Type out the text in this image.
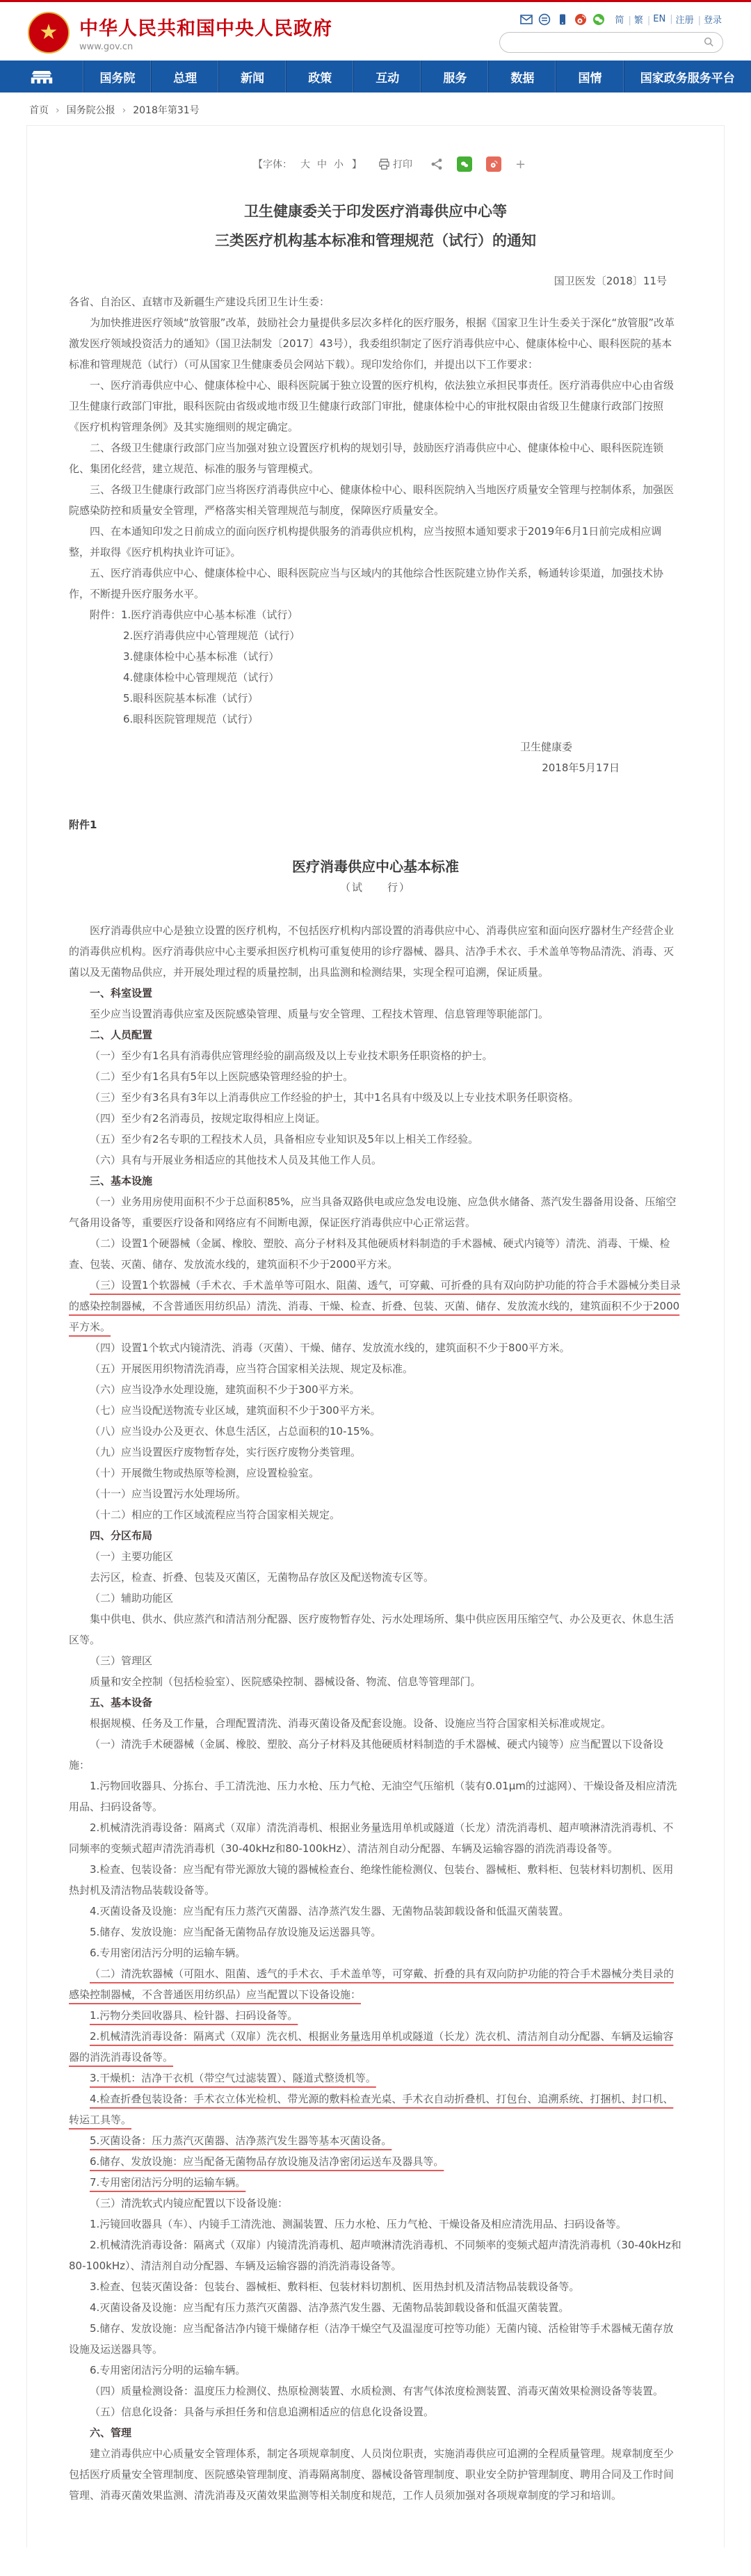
★	中华人民共和国中央人民政府
www.gov.cn
简 |	繁 |	EN |	注册 |	登录
国务院	总理	新闻	政策	互动	服务	数据	国情	国家政务服务平台
首页 › 国务院公报 › 2018年第31号
【字体： 大 中 小 】	打印	+
卫生健康委关于印发医疗消毒供应中心等
三类医疗机构基本标准和管理规范（试行）的通知

国卫医发〔2018〕11号

各省、自治区、直辖市及新疆生产建设兵团卫生计生委：

为加快推进医疗领域“放管服”改革，鼓励社会力量提供多层次多样化的医疗服务，根据《国家卫生计生委关于深化“放管服”改革激发医疗领域投资活力的通知》（国卫法制发〔2017〕43号），我委组织制定了医疗消毒供应中心、健康体检中心、眼科医院的基本标准和管理规范（试行）（可从国家卫生健康委员会网站下载）。现印发给你们，并提出以下工作要求：

一、医疗消毒供应中心、健康体检中心、眼科医院属于独立设置的医疗机构，依法独立承担民事责任。医疗消毒供应中心由省级卫生健康行政部门审批，眼科医院由省级或地市级卫生健康行政部门审批，健康体检中心的审批权限由省级卫生健康行政部门按照《医疗机构管理条例》及其实施细则的规定确定。

二、各级卫生健康行政部门应当加强对独立设置医疗机构的规划引导，鼓励医疗消毒供应中心、健康体检中心、眼科医院连锁化、集团化经营，建立规范、标准的服务与管理模式。

三、各级卫生健康行政部门应当将医疗消毒供应中心、健康体检中心、眼科医院纳入当地医疗质量安全管理与控制体系，加强医院感染防控和质量安全管理，严格落实相关管理规范与制度，保障医疗质量安全。

四、在本通知印发之日前成立的面向医疗机构提供服务的消毒供应机构，应当按照本通知要求于2019年6月1日前完成相应调整，并取得《医疗机构执业许可证》。

五、医疗消毒供应中心、健康体检中心、眼科医院应当与区域内的其他综合性医院建立协作关系，畅通转诊渠道，加强技术协作，不断提升医疗服务水平。

附件：1.医疗消毒供应中心基本标准（试行）

2.医疗消毒供应中心管理规范（试行）

3.健康体检中心基本标准（试行）

4.健康体检中心管理规范（试行）

5.眼科医院基本标准（试行）

6.眼科医院管理规范（试行）

卫生健康委

2018年5月17日

附件1

医疗消毒供应中心基本标准

（试　　行）

医疗消毒供应中心是独立设置的医疗机构，不包括医疗机构内部设置的消毒供应中心、消毒供应室和面向医疗器材生产经营企业的消毒供应机构。医疗消毒供应中心主要承担医疗机构可重复使用的诊疗器械、器具、洁净手术衣、手术盖单等物品清洗、消毒、灭菌以及无菌物品供应，并开展处理过程的质量控制，出具监测和检测结果，实现全程可追溯，保证质量。

一、科室设置

至少应当设置消毒供应室及医院感染管理、质量与安全管理、工程技术管理、信息管理等职能部门。

二、人员配置

（一）至少有1名具有消毒供应管理经验的副高级及以上专业技术职务任职资格的护士。

（二）至少有1名具有5年以上医院感染管理经验的护士。

（三）至少有3名具有3年以上消毒供应工作经验的护士，其中1名具有中级及以上专业技术职务任职资格。

（四）至少有2名消毒员，按规定取得相应上岗证。

（五）至少有2名专职的工程技术人员，具备相应专业知识及5年以上相关工作经验。

（六）具有与开展业务相适应的其他技术人员及其他工作人员。

三、基本设施

（一）业务用房使用面积不少于总面积85%，应当具备双路供电或应急发电设施、应急供水储备、蒸汽发生器备用设备、压缩空气备用设备等，重要医疗设备和网络应有不间断电源，保证医疗消毒供应中心正常运营。

（二）设置1个硬器械（金属、橡胶、塑胶、高分子材料及其他硬质材料制造的手术器械、硬式内镜等）清洗、消毒、干燥、检查、包装、灭菌、储存、发放流水线的，建筑面积不少于2000平方米。

（三）设置1个软器械（手术衣、手术盖单等可阻水、阻菌、透气，可穿戴、可折叠的具有双向防护功能的符合手术器械分类目录的感染控制器械，不含普通医用纺织品）清洗、消毒、干燥、检查、折叠、包装、灭菌、储存、发放流水线的，建筑面积不少于2000平方米。

（四）设置1个软式内镜清洗、消毒（灭菌）、干燥、储存、发放流水线的，建筑面积不少于800平方米。

（五）开展医用织物清洗消毒，应当符合国家相关法规、规定及标准。

（六）应当设净水处理设施，建筑面积不少于300平方米。

（七）应当设配送物流专业区域，建筑面积不少于300平方米。

（八）应当设办公及更衣、休息生活区，占总面积的10-15%。

（九）应当设置医疗废物暂存处，实行医疗废物分类管理。

（十）开展微生物或热原等检测，应设置检验室。

（十一）应当设置污水处理场所。

（十二）相应的工作区域流程应当符合国家相关规定。

四、分区布局

（一）主要功能区

去污区，检查、折叠、包装及灭菌区，无菌物品存放区及配送物流专区等。

（二）辅助功能区

集中供电、供水、供应蒸汽和清洁剂分配器、医疗废物暂存处、污水处理场所、集中供应医用压缩空气、办公及更衣、休息生活区等。

（三）管理区

质量和安全控制（包括检验室）、医院感染控制、器械设备、物流、信息等管理部门。

五、基本设备

根据规模、任务及工作量，合理配置清洗、消毒灭菌设备及配套设施。设备、设施应当符合国家相关标准或规定。

（一）清洗手术硬器械（金属、橡胶、塑胶、高分子材料及其他硬质材料制造的手术器械、硬式内镜等）应当配置以下设备设施：

1.污物回收器具、分拣台、手工清洗池、压力水枪、压力气枪、无油空气压缩机（装有0.01μm的过滤网）、干燥设备及相应清洗用品、扫码设备等。

2.机械清洗消毒设备：隔离式（双扉）清洗消毒机、根据业务量选用单机或隧道（长龙）清洗消毒机、超声喷淋清洗消毒机、不同频率的变频式超声清洗消毒机（30-40kHz和80-100kHz）、清洁剂自动分配器、车辆及运输容器的消洗消毒设备等。

3.检查、包装设备：应当配有带光源放大镜的器械检查台、绝缘性能检测仪、包装台、器械柜、敷料柜、包装材料切割机、医用热封机及清洁物品装载设备等。

4.灭菌设备及设施：应当配有压力蒸汽灭菌器、洁净蒸汽发生器、无菌物品装卸载设备和低温灭菌装置。

5.储存、发放设施：应当配备无菌物品存放设施及运送器具等。

6.专用密闭洁污分明的运输车辆。

（二）清洗软器械（可阻水、阻菌、透气的手术衣、手术盖单等，可穿戴、折叠的具有双向防护功能的符合手术器械分类目录的感染控制器械，不含普通医用纺织品）应当配置以下设备设施：

1.污物分类回收器具、检针器、扫码设备等。

2.机械清洗消毒设备：隔离式（双扉）洗衣机、根据业务量选用单机或隧道（长龙）洗衣机、清洁剂自动分配器、车辆及运输容器的消洗消毒设备等。

3.干燥机：洁净干衣机（带空气过滤装置）、隧道式整烫机等。

4.检查折叠包装设备：手术衣立体光检机、带光源的敷料检查光桌、手术衣自动折叠机、打包台、追溯系统、打捆机、封口机、转运工具等。

5.灭菌设备：压力蒸汽灭菌器、洁净蒸汽发生器等基本灭菌设备。

6.储存、发放设施：应当配备无菌物品存放设施及洁净密闭运送车及器具等。

7.专用密闭洁污分明的运输车辆。

（三）清洗软式内镜应配置以下设备设施：

1.污镜回收器具（车）、内镜手工清洗池、测漏装置、压力水枪、压力气枪、干燥设备及相应清洗用品、扫码设备等。

2.机械清洗消毒设备：隔离式（双扉）内镜清洗消毒机、超声喷淋清洗消毒机、不同频率的变频式超声清洗消毒机（30-40kHz和80-100kHz）、清洁剂自动分配器、车辆及运输容器的消洗消毒设备等。

3.检查、包装灭菌设备：包装台、器械柜、敷料柜、包装材料切割机、医用热封机及清洁物品装载设备等。

4.灭菌设备及设施：应当配有压力蒸汽灭菌器、洁净蒸汽发生器、无菌物品装卸载设备和低温灭菌装置。

5.储存、发放设施：应当配备洁净内镜干燥储存柜（洁净干燥空气及温湿度可控等功能）无菌内镜、活检钳等手术器械无菌存放设施及运送器具等。

6.专用密闭洁污分明的运输车辆。

（四）质量检测设备：温度压力检测仪、热原检测装置、水质检测、有害气体浓度检测装置、消毒灭菌效果检测设备等装置。

（五）信息化设备：具备与承担任务和信息追溯相适应的信息化设备设置。

六、管理

建立消毒供应中心质量安全管理体系，制定各项规章制度、人员岗位职责，实施消毒供应可追溯的全程质量管理。规章制度至少包括医疗质量安全管理制度、医院感染管理制度、消毒隔离制度、器械设备管理制度、职业安全防护管理制度、聘用合同及工作时间管理、消毒灭菌效果监测、清洗消毒及灭菌效果监测等相关制度和规范，工作人员须加强对各项规章制度的学习和培训。
